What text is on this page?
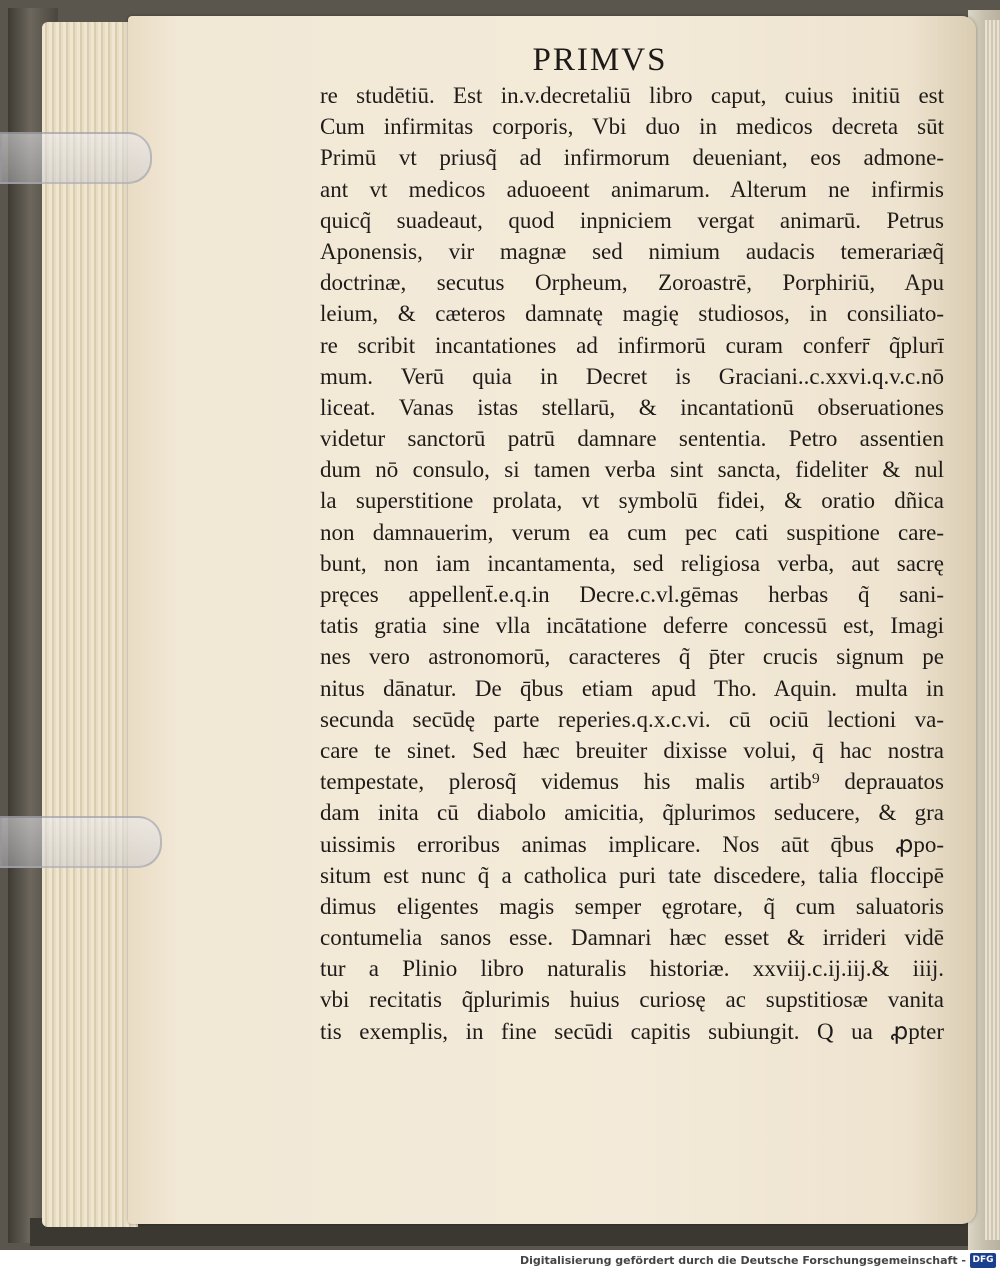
PRIMVS
re studētiū. Est in.v.decretaliū libro caput, cuius initiū est
Cum infirmitas corporis, Vbi duo in medicos decreta sūt
Primū vt priusq̃ ad infirmorum deueniant, eos admone-
ant vt medicos aduoeent animarum. Alterum ne infirmis
quicq̃ suadeaut, quod inpniciem vergat animarū. Petrus
Aponensis, vir magnæ sed nimium audacis temerariæq̃
doctrinæ, secutus Orpheum, Zoroastrē, Porphiriū, Apu
leium, & cæteros damnatę magię studiosos, in consiliato-
re scribit incantationes ad infirmorū curam conferr̄ q̃plurī
mum. Verū quia in Decret is Graciani..c.xxvi.q.v.c.nō
liceat. Vanas istas stellarū, & incantationū obseruationes
videtur sanctorū patrū damnare sententia. Petro assentien
dum nō consulo, si tamen verba sint sancta, fideliter & nul
la superstitione prolata, vt symbolū fidei, & oratio dñica
non damnauerim, verum ea cum pec cati suspitione care-
bunt, non iam incantamenta, sed religiosa verba, aut sacrę
pręces appellent̄.e.q.in Decre.c.vl.gēmas herbas q̃ sani-
tatis gratia sine vlla incātatione deferre concessū est, Imagi
nes vero astronomorū, caracteres q̃ p̄ter crucis signum pe
nitus dānatur. De q̄bus etiam apud Tho. Aquin. multa in
secunda secūdę parte reperies.q.x.c.vi. cū ociū lectioni va-
care te sinet. Sed hæc breuiter dixisse volui, q̄ hac nostra
tempestate, plerosq̃ videmus his malis artib⁹ deprauatos
dam inita cū diabolo amicitia, q̃plurimos seducere, & gra
uissimis erroribus animas implicare. Nos aūt q̄bus ꝓpo-
situm est nunc q̃ a catholica puri tate discedere, talia floccipē
dimus eligentes magis semper ęgrotare, q̃ cum saluatoris
contumelia sanos esse. Damnari hæc esset & irrideri vidē
tur a Plinio libro naturalis historiæ. xxviij.c.ij.iij.& iiij.
vbi recitatis q̃plurimis huius curiosę ac supstitiosæ vanita
tis exemplis, in fine secūdi capitis subiungit. Q ua ꝓpter
Digitalisierung gefördert durch die Deutsche Forschungsgemeinschaft - DFG
